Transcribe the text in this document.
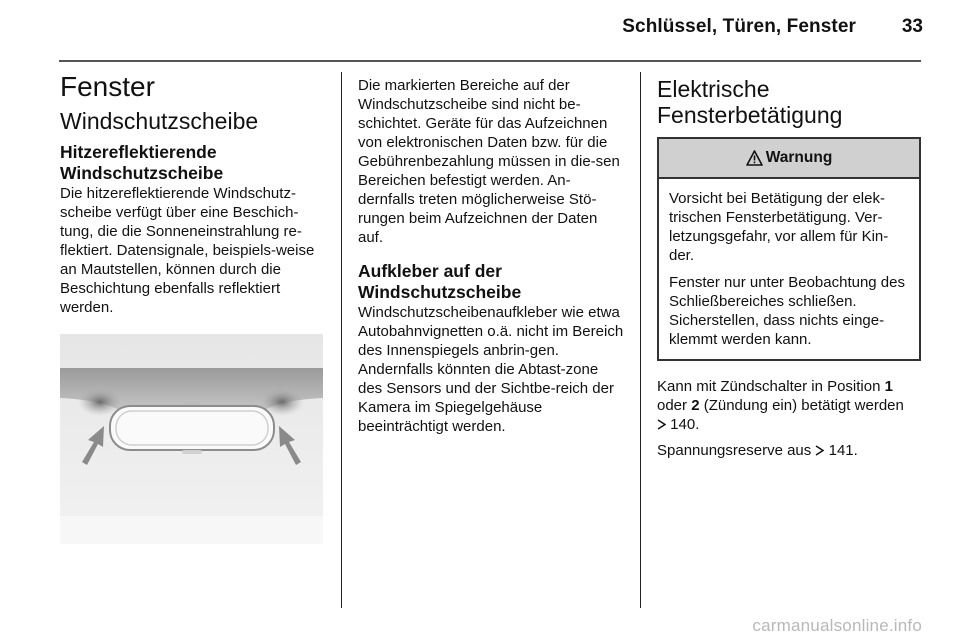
Schlüssel, Türen, Fenster 33
Fenster
Windschutzscheibe
Hitzereflektierende Windschutzscheibe

Die hitzereflektierende Windschutz-scheibe verfügt über eine Beschich-tung, die die Sonneneinstrahlung re-flektiert. Datensignale, beispiels-weise an Mautstellen, können durch die Beschichtung ebenfalls reflektiert werden.

Die markierten Bereiche auf der Windschutzscheibe sind nicht be-schichtet. Geräte für das Aufzeichnen von elektronischen Daten bzw. für die Gebührenbezahlung müssen in die-sen Bereichen befestigt werden. An-dernfalls treten möglicherweise Stö-rungen beim Aufzeichnen der Daten auf.

Aufkleber auf der Windschutzscheibe

Windschutzscheibenaufkleber wie etwa Autobahnvignetten o.ä. nicht im Bereich des Innenspiegels anbrin-gen. Andernfalls könnten die Abtast-zone des Sensors und der Sichtbe-reich der Kamera im Spiegelgehäuse beeinträchtigt werden.

Elektrische Fensterbetätigung
Warnung

Vorsicht bei Betätigung der elek-trischen Fensterbetätigung. Ver-letzungsgefahr, vor allem für Kin-der.

Fenster nur unter Beobachtung des Schließbereiches schließen. Sicherstellen, dass nichts einge-klemmt werden kann.

Kann mit Zündschalter in Position 1 oder 2 (Zündung ein) betätigt werden
140.

Spannungsreserve aus  141.

carmanualsonline.info
